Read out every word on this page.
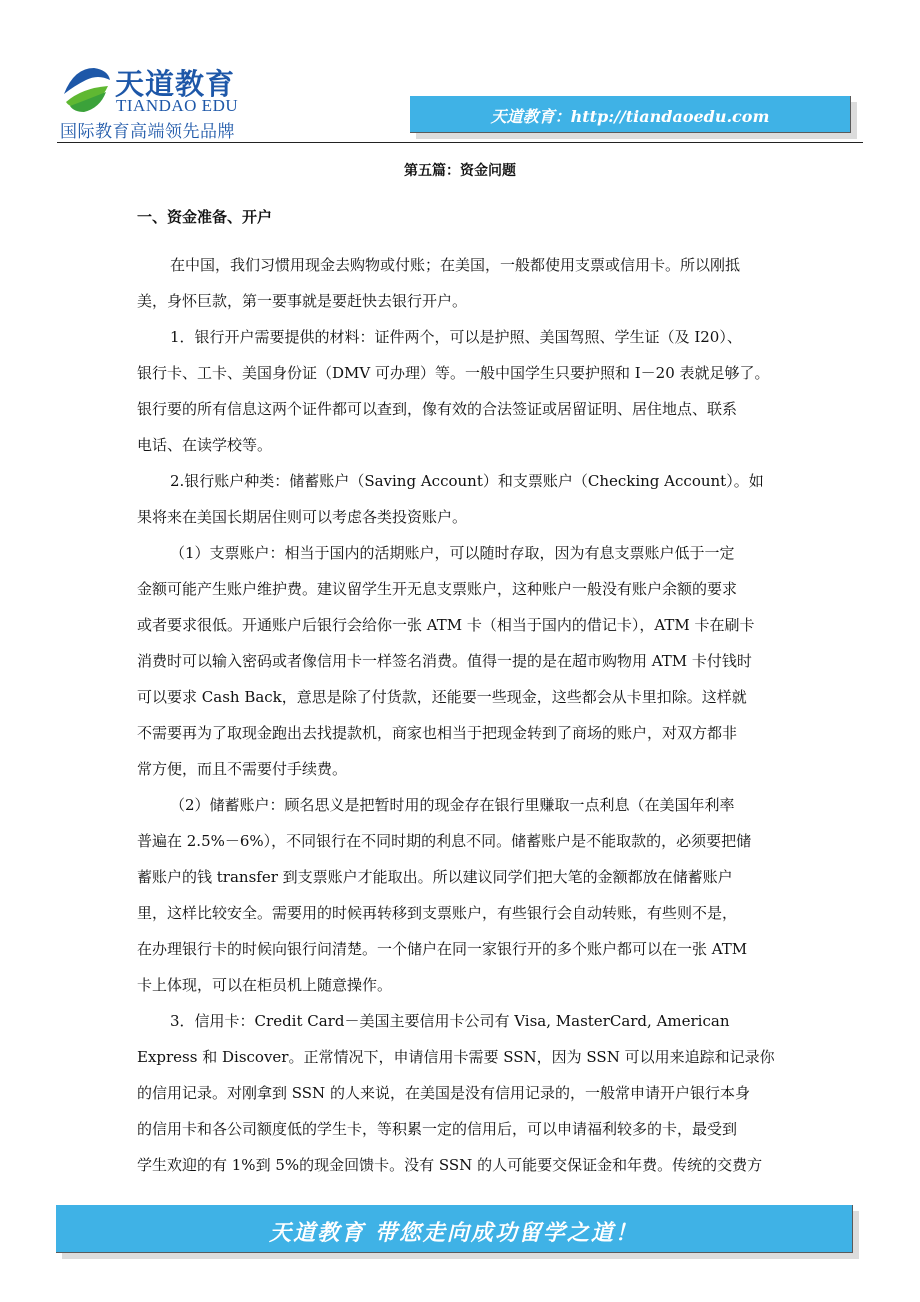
天道教育
TIANDAO EDU
国际教育高端领先品牌
天道教育：http://tiandaoedu.com
第五篇：资金问题
一、资金准备、开户
在中国，我们习惯用现金去购物或付账；在美国，一般都使用支票或信用卡。所以刚抵
美，身怀巨款，第一要事就是要赶快去银行开户。
1．银行开户需要提供的材料：证件两个，可以是护照、美国驾照、学生证（及 I20）、
银行卡、工卡、美国身份证（DMV 可办理）等。一般中国学生只要护照和 I－20 表就足够了。
银行要的所有信息这两个证件都可以查到，像有效的合法签证或居留证明、居住地点、联系
电话、在读学校等。
2.银行账户种类：储蓄账户（Saving Account）和支票账户（Checking Account）。如
果将来在美国长期居住则可以考虑各类投资账户。
（1）支票账户：相当于国内的活期账户，可以随时存取，因为有息支票账户低于一定
金额可能产生账户维护费。建议留学生开无息支票账户，这种账户一般没有账户余额的要求
或者要求很低。开通账户后银行会给你一张 ATM 卡（相当于国内的借记卡），ATM 卡在刷卡
消费时可以输入密码或者像信用卡一样签名消费。值得一提的是在超市购物用 ATM 卡付钱时
可以要求 Cash Back，意思是除了付货款，还能要一些现金，这些都会从卡里扣除。这样就
不需要再为了取现金跑出去找提款机，商家也相当于把现金转到了商场的账户，对双方都非
常方便，而且不需要付手续费。
（2）储蓄账户：顾名思义是把暂时用的现金存在银行里赚取一点利息（在美国年利率
普遍在 2.5%－6%），不同银行在不同时期的利息不同。储蓄账户是不能取款的，必须要把储
蓄账户的钱 transfer 到支票账户才能取出。所以建议同学们把大笔的金额都放在储蓄账户
里，这样比较安全。需要用的时候再转移到支票账户，有些银行会自动转账，有些则不是，
在办理银行卡的时候向银行问清楚。一个储户在同一家银行开的多个账户都可以在一张 ATM
卡上体现，可以在柜员机上随意操作。
3．信用卡：Credit Card－美国主要信用卡公司有 Visa, MasterCard, American
Express 和 Discover。正常情况下，申请信用卡需要 SSN，因为 SSN 可以用来追踪和记录你
的信用记录。对刚拿到 SSN 的人来说，在美国是没有信用记录的，一般常申请开户银行本身
的信用卡和各公司额度低的学生卡，等积累一定的信用后，可以申请福利较多的卡，最受到
学生欢迎的有 1%到 5%的现金回馈卡。没有 SSN 的人可能要交保证金和年费。传统的交费方
天道教育 带您走向成功留学之道！
